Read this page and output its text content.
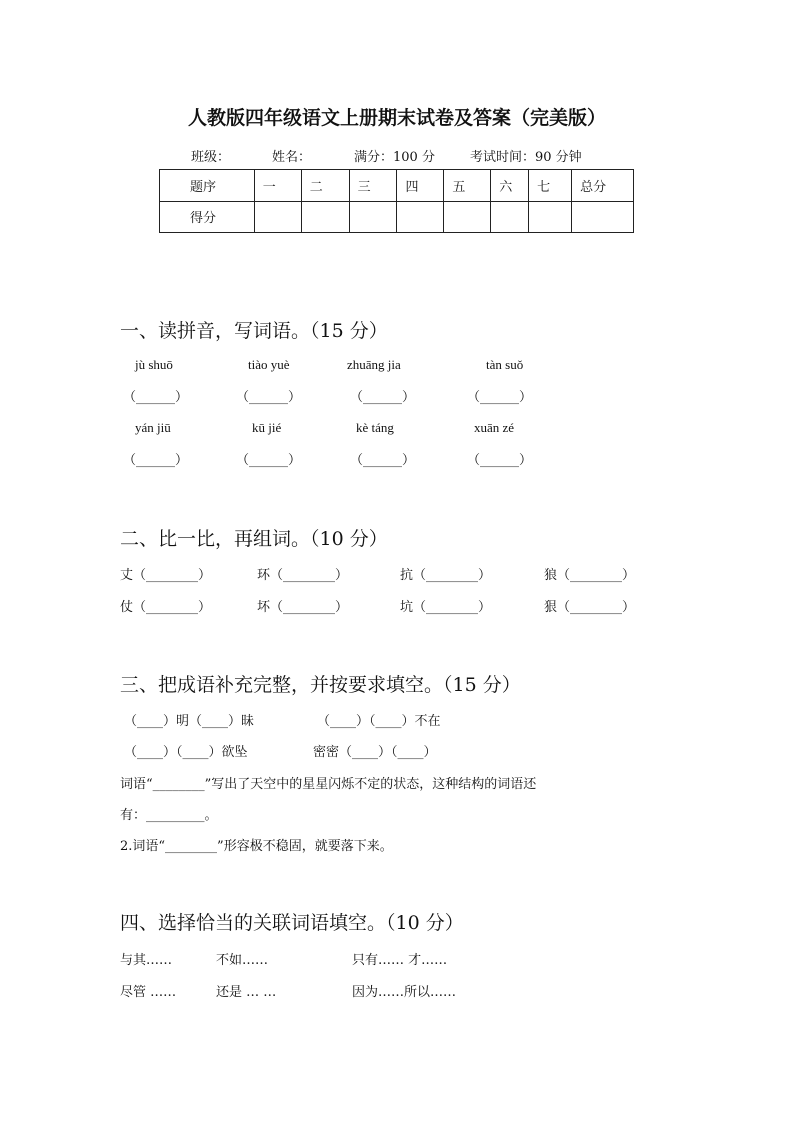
人教版四年级语文上册期末试卷及答案（完美版）
班级：	姓名：	满分：100 分	考试时间：90 分钟
题序	一	二	三	四	五	六	七	总分
得分								
一、读拼音，写词语。（15 分）
jù shuō	tiào yuè	zhuāng jia	tàn suǒ
（______）	（______）	（______）	（______）
yán jiū	kū jié	kè táng	xuān zé
（______）	（______）	（______）	（______）
二、比一比，再组词。（10 分）
丈（________）	环（________）	抗（________）	狼（________）
仗（________）	坏（________）	坑（________）	狠（________）
三、把成语补充完整，并按要求填空。（15 分）
（____）明（____）昧	（____）（____）不在
（____）（____）欲坠	密密（____）（____）
词语“________”写出了天空中的星星闪烁不定的状态，这种结构的词语还
有：_________。
2.词语“________”形容极不稳固，就要落下来。
四、选择恰当的关联词语填空。（10 分）
与其……	不如……	只有…… 才……
尽管 ……	还是 … …	因为……所以……
